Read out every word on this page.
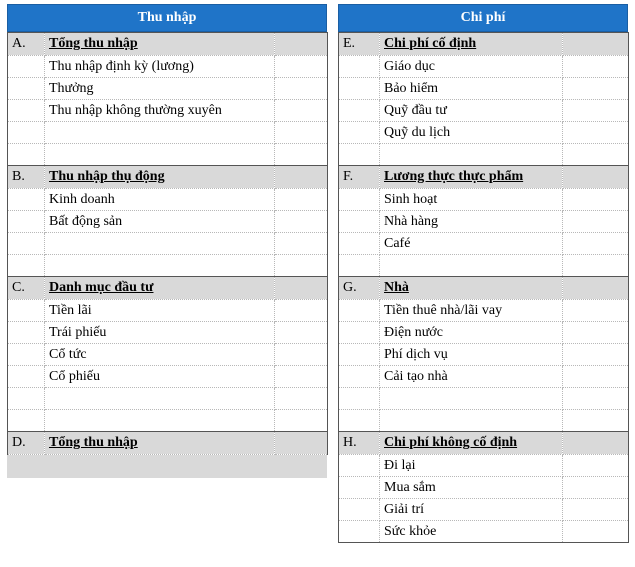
Thu nhập
A.	Tổng thu nhập	
	Thu nhập định kỳ (lương)	
	Thưởng	
	Thu nhập không thường xuyên	

B.	Thu nhập thụ động	
	Kinh doanh	
	Bất động sản	

C.	Danh mục đầu tư	
	Tiền lãi	
	Trái phiếu	
	Cổ tức	
	Cổ phiếu	

D.	Tổng thu nhập	
Chi phí
E.	Chi phí cố định	
	Giáo dục	
	Bảo hiểm	
	Quỹ đầu tư	
	Quỹ du lịch	

F.	Lương thực thực phẩm	
	Sinh hoạt	
	Nhà hàng	
	Café	

G.	Nhà	
	Tiền thuê nhà/lãi vay	
	Điện nước	
	Phí dịch vụ	
	Cải tạo nhà	

H.	Chi phí không cố định	
	Đi lại	
	Mua sắm	
	Giải trí	
	Sức khỏe	
